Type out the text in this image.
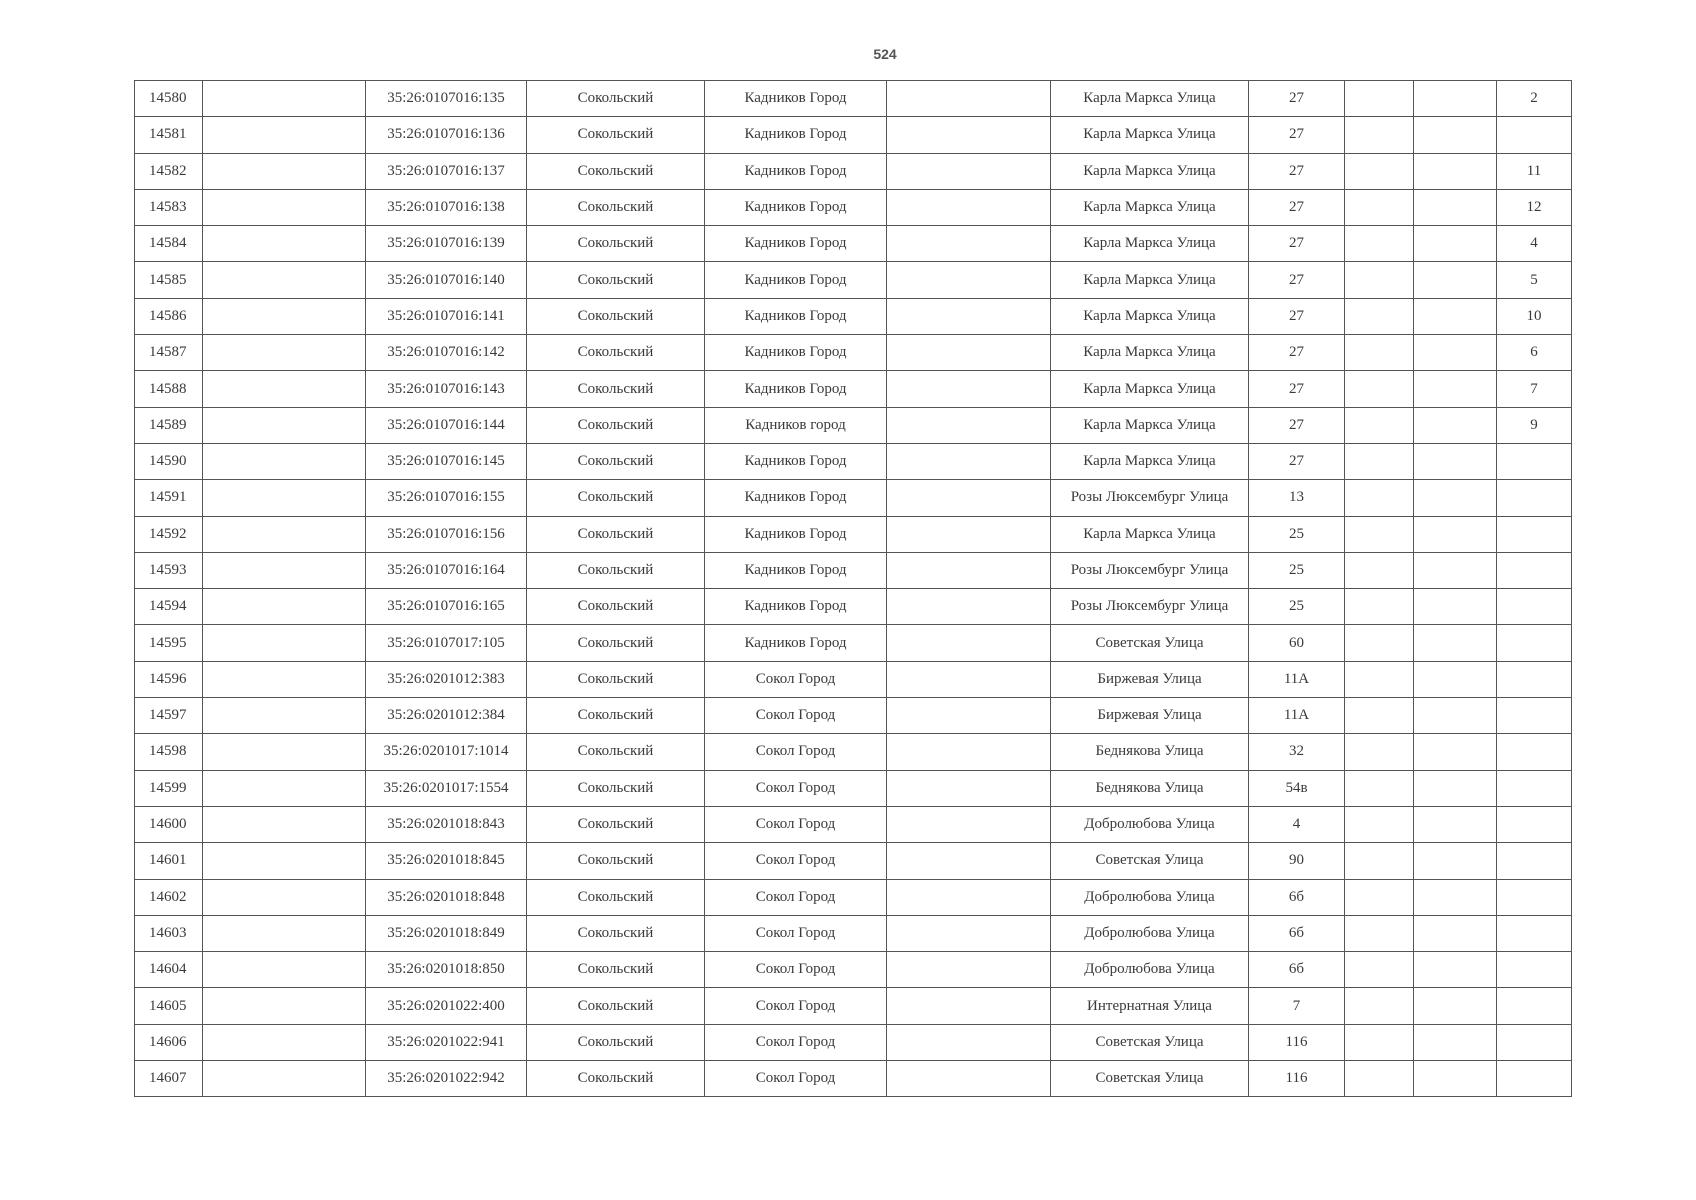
524
14580		35:26:0107016:135	Сокольский	Кадников Город		Карла Маркса Улица	27			2
14581		35:26:0107016:136	Сокольский	Кадников Город		Карла Маркса Улица	27			
14582		35:26:0107016:137	Сокольский	Кадников Город		Карла Маркса Улица	27			11
14583		35:26:0107016:138	Сокольский	Кадников Город		Карла Маркса Улица	27			12
14584		35:26:0107016:139	Сокольский	Кадников Город		Карла Маркса Улица	27			4
14585		35:26:0107016:140	Сокольский	Кадников Город		Карла Маркса Улица	27			5
14586		35:26:0107016:141	Сокольский	Кадников Город		Карла Маркса Улица	27			10
14587		35:26:0107016:142	Сокольский	Кадников Город		Карла Маркса Улица	27			6
14588		35:26:0107016:143	Сокольский	Кадников Город		Карла Маркса Улица	27			7
14589		35:26:0107016:144	Сокольский	Кадников город		Карла Маркса Улица	27			9
14590		35:26:0107016:145	Сокольский	Кадников Город		Карла Маркса Улица	27			
14591		35:26:0107016:155	Сокольский	Кадников Город		Розы Люксембург Улица	13			
14592		35:26:0107016:156	Сокольский	Кадников Город		Карла Маркса Улица	25			
14593		35:26:0107016:164	Сокольский	Кадников Город		Розы Люксембург Улица	25			
14594		35:26:0107016:165	Сокольский	Кадников Город		Розы Люксембург Улица	25			
14595		35:26:0107017:105	Сокольский	Кадников Город		Советская Улица	60			
14596		35:26:0201012:383	Сокольский	Сокол Город		Биржевая Улица	11А			
14597		35:26:0201012:384	Сокольский	Сокол Город		Биржевая Улица	11А			
14598		35:26:0201017:1014	Сокольский	Сокол Город		Беднякова Улица	32			
14599		35:26:0201017:1554	Сокольский	Сокол Город		Беднякова Улица	54в			
14600		35:26:0201018:843	Сокольский	Сокол Город		Добролюбова Улица	4			
14601		35:26:0201018:845	Сокольский	Сокол Город		Советская Улица	90			
14602		35:26:0201018:848	Сокольский	Сокол Город		Добролюбова Улица	6б			
14603		35:26:0201018:849	Сокольский	Сокол Город		Добролюбова Улица	6б			
14604		35:26:0201018:850	Сокольский	Сокол Город		Добролюбова Улица	6б			
14605		35:26:0201022:400	Сокольский	Сокол Город		Интернатная Улица	7			
14606		35:26:0201022:941	Сокольский	Сокол Город		Советская Улица	116			
14607		35:26:0201022:942	Сокольский	Сокол Город		Советская Улица	116			
